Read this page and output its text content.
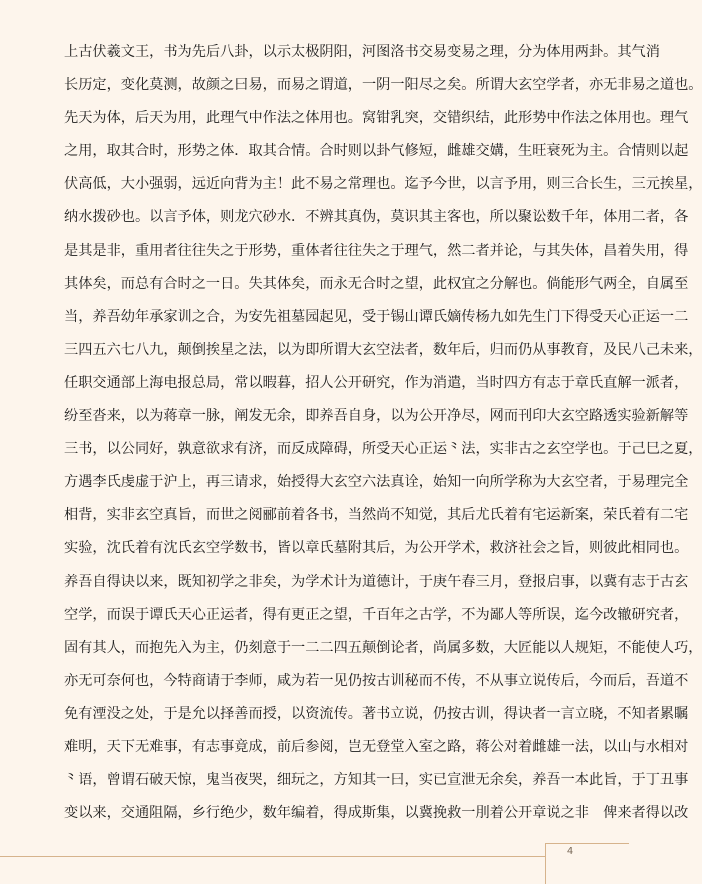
上古伏羲文王，书为先后八卦，以示太极阴阳，河图洛书交易变易之理，分为体用两卦。其气消
长历定，变化莫测，故颜之曰易，而易之谓道，一阴一阳尽之矣。所谓大玄空学者，亦无非易之道也。
先天为体，后天为用，此理气中作法之体用也。窝钳乳突，交错织结，此形势中作法之体用也。理气
之用，取其合时，形势之体．取其合情。合时则以卦气修短，雌雄交媾，生旺衰死为主。合情则以起
伏高低，大小强弱，远近向背为主！此不易之常理也。迄予今世，以言予用，则三合长生，三元挨星，
纳水拨砂也。以言予体，则龙穴砂水．不辨其真伪，莫识其主客也，所以聚讼数千年，体用二者，各
是其是非，重用者往往失之于形势，重体者往往失之于理气，然二者并论，与其失体，昌着失用，得
其体矣，而总有合时之一日。失其体矣，而永无合时之望，此权宜之分解也。倘能形气两全，自属至
当，养吾幼年承家训之合，为安先祖墓园起见，受于锡山谭氏嫡传杨九如先生门下得受天心正运一二
三四五六七八九，颠倒挨星之法，以为即所谓大玄空法者，数年后，归而仍从事教育，及民八己未来，
任职交通部上海电报总局，常以暇暮，招人公开研究，作为消遣，当时四方有志于章氏直解一派者，
纷至沓来，以为蒋章一脉，阐发无余，即养吾自身，以为公开净尽，网而刊印大玄空路透实验新解等
三书，以公同好，孰意欲求有济，而反成障碍，所受天心正运⺀法，实非古之玄空学也。于己巳之夏，
方遇李氏虔虚于沪上，再三请求，始授得大玄空六法真诠，始知一向所学称为大玄空者，于易理完全
相背，实非玄空真旨，而世之阅郦前着各书，当然尚不知觉，其后尤氏着有宅运新案，荣氏着有二宅
实验，沈氏着有沈氏玄空学数书，皆以章氏墓附其后，为公开学术，救济社会之旨，则彼此相同也。
养吾自得诀以来，既知初学之非矣，为学术计为道德计，于庚午春三月，登报启事，以冀有志于古玄
空学，而误于谭氏天心正运者，得有更正之望，千百年之古学，不为鄙人等所误，迄今改辙研究者，
固有其人，而抱先入为主，仍刻意于一二二四五颠倒论者，尚属多数，大匠能以人规矩，不能使人巧，
亦无可奈何也，今特商请于李师，咸为若一见仍按古训秘而不传，不从事立说传后，今而后，吾道不
免有湮没之处，于是允以择善而授，以资流传。著书立说，仍按古训，得诀者一言立晓，不知者累瞩
难明，天下无难事，有志事竟成，前后参阅，岂无登堂入室之路，蒋公对着雌雄一法，以山与水相对
⺀语，曾谓石破天惊，鬼当夜哭，细玩之，方知其一曰，实已宣泄无余矣，养吾一本此旨，于丁丑事
变以来，交通阻隔，乡行绝少，数年编着，得成斯集，以冀挽救一刖着公开章说之非　俾来者得以改
4
